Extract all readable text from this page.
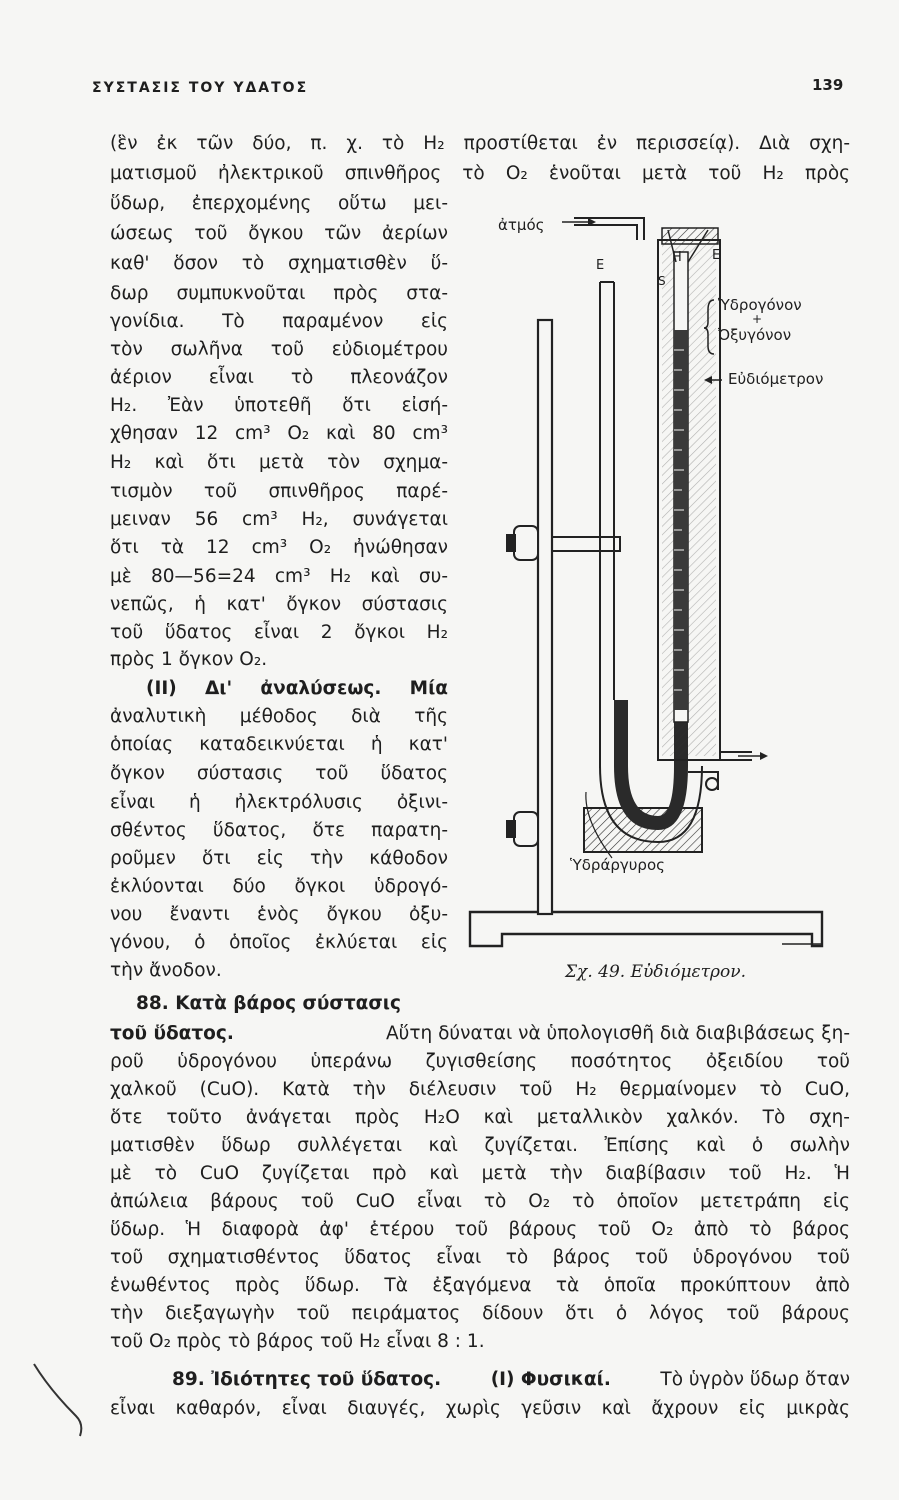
ΣΥΣΤΑΣΙΣ ΤΟΥ ΥΔΑΤΟΣ	139
(ἓν ἐκ τῶν δύο, π. χ. τὸ H₂ προστίθεται ἐν περισσείᾳ). Διὰ σχη-
ματισμοῦ ἠλεκτρικοῦ σπινθῆρος τὸ O₂ ἑνοῦται μετὰ τοῦ H₂ πρὸς
ὕδωρ, ἐπερχομένης οὕτω μει-
ώσεως τοῦ ὄγκου τῶν ἀερίων
καθ' ὅσον τὸ σχηματισθὲν ὕ-
δωρ συμπυκνοῦται πρὸς στα-
γονίδια. Τὸ παραμένον εἰς
τὸν σωλῆνα τοῦ εὐδιομέτρου
ἀέριον εἶναι τὸ πλεονάζον
H₂. Ἐὰν ὑποτεθῆ ὅτι εἰσή-
χθησαν 12 cm³ O₂ καὶ 80 cm³
H₂ καὶ ὅτι μετὰ τὸν σχημα-
τισμὸν τοῦ σπινθῆρος παρέ-
μειναν 56 cm³ H₂, συνάγεται
ὅτι τὰ 12 cm³ O₂ ἠνώθησαν
μὲ 80—56=24 cm³ H₂ καὶ συ-
νεπῶς, ἡ κατ' ὄγκον σύστασις
τοῦ ὕδατος εἶναι 2 ὄγκοι H₂
πρὸς 1 ὄγκον O₂.
(II) Δι' ἀναλύσεως. Μία
ἀναλυτικὴ μέθοδος διὰ τῆς
ὁποίας καταδεικνύεται ἡ κατ'
ὄγκον σύστασις τοῦ ὕδατος
εἶναι ἡ ἠλεκτρόλυσις ὀξινι-
σθέντος ὕδατος, ὅτε παρατη-
ροῦμεν ὅτι εἰς τὴν κάθοδον
ἐκλύονται δύο ὄγκοι ὑδρογό-
νου ἔναντι ἑνὸς ὄγκου ὀξυ-
γόνου, ὁ ὁποῖος ἐκλύεται εἰς
τὴν ἄνοδον.
ἀτμός
E
E
H
S
Ὑδρογόνον
+
Ὀξυγόνον
Εὐδιόμετρον
Ὑδράργυρος
Σχ. 49. Εὐδιόμετρον.
88. Κατὰ βάρος σύστασις
τοῦ ὕδατος.	Αὕτη δύναται νὰ ὑπολογισθῆ διὰ διαβιβάσεως ξη-
ροῦ ὑδρογόνου ὑπεράνω ζυγισθείσης ποσότητος ὀξειδίου τοῦ
χαλκοῦ (CuO). Κατὰ τὴν διέλευσιν τοῦ H₂ θερμαίνομεν τὸ CuO,
ὅτε τοῦτο ἀνάγεται πρὸς H₂O καὶ μεταλλικὸν χαλκόν. Τὸ σχη-
ματισθὲν ὕδωρ συλλέγεται καὶ ζυγίζεται. Ἐπίσης καὶ ὁ σωλὴν
μὲ τὸ CuO ζυγίζεται πρὸ καὶ μετὰ τὴν διαβίβασιν τοῦ H₂. Ἡ
ἀπώλεια βάρους τοῦ CuO εἶναι τὸ O₂ τὸ ὁποῖον μετετράπη εἰς
ὕδωρ. Ἡ διαφορὰ ἀφ' ἑτέρου τοῦ βάρους τοῦ O₂ ἀπὸ τὸ βάρος
τοῦ σχηματισθέντος ὕδατος εἶναι τὸ βάρος τοῦ ὑδρογόνου τοῦ
ἑνωθέντος πρὸς ὕδωρ. Τὰ ἐξαγόμενα τὰ ὁποῖα προκύπτουν ἀπὸ
τὴν διεξαγωγὴν τοῦ πειράματος δίδουν ὅτι ὁ λόγος τοῦ βάρους
τοῦ O₂ πρὸς τὸ βάρος τοῦ H₂ εἶναι 8 : 1.
89. Ἰδιότητες τοῦ ὕδατος.	(I) Φυσικαί.	Τὸ ὑγρὸν ὕδωρ ὅταν
εἶναι καθαρόν, εἶναι διαυγές, χωρὶς γεῦσιν καὶ ἄχρουν εἰς μικρὰς
